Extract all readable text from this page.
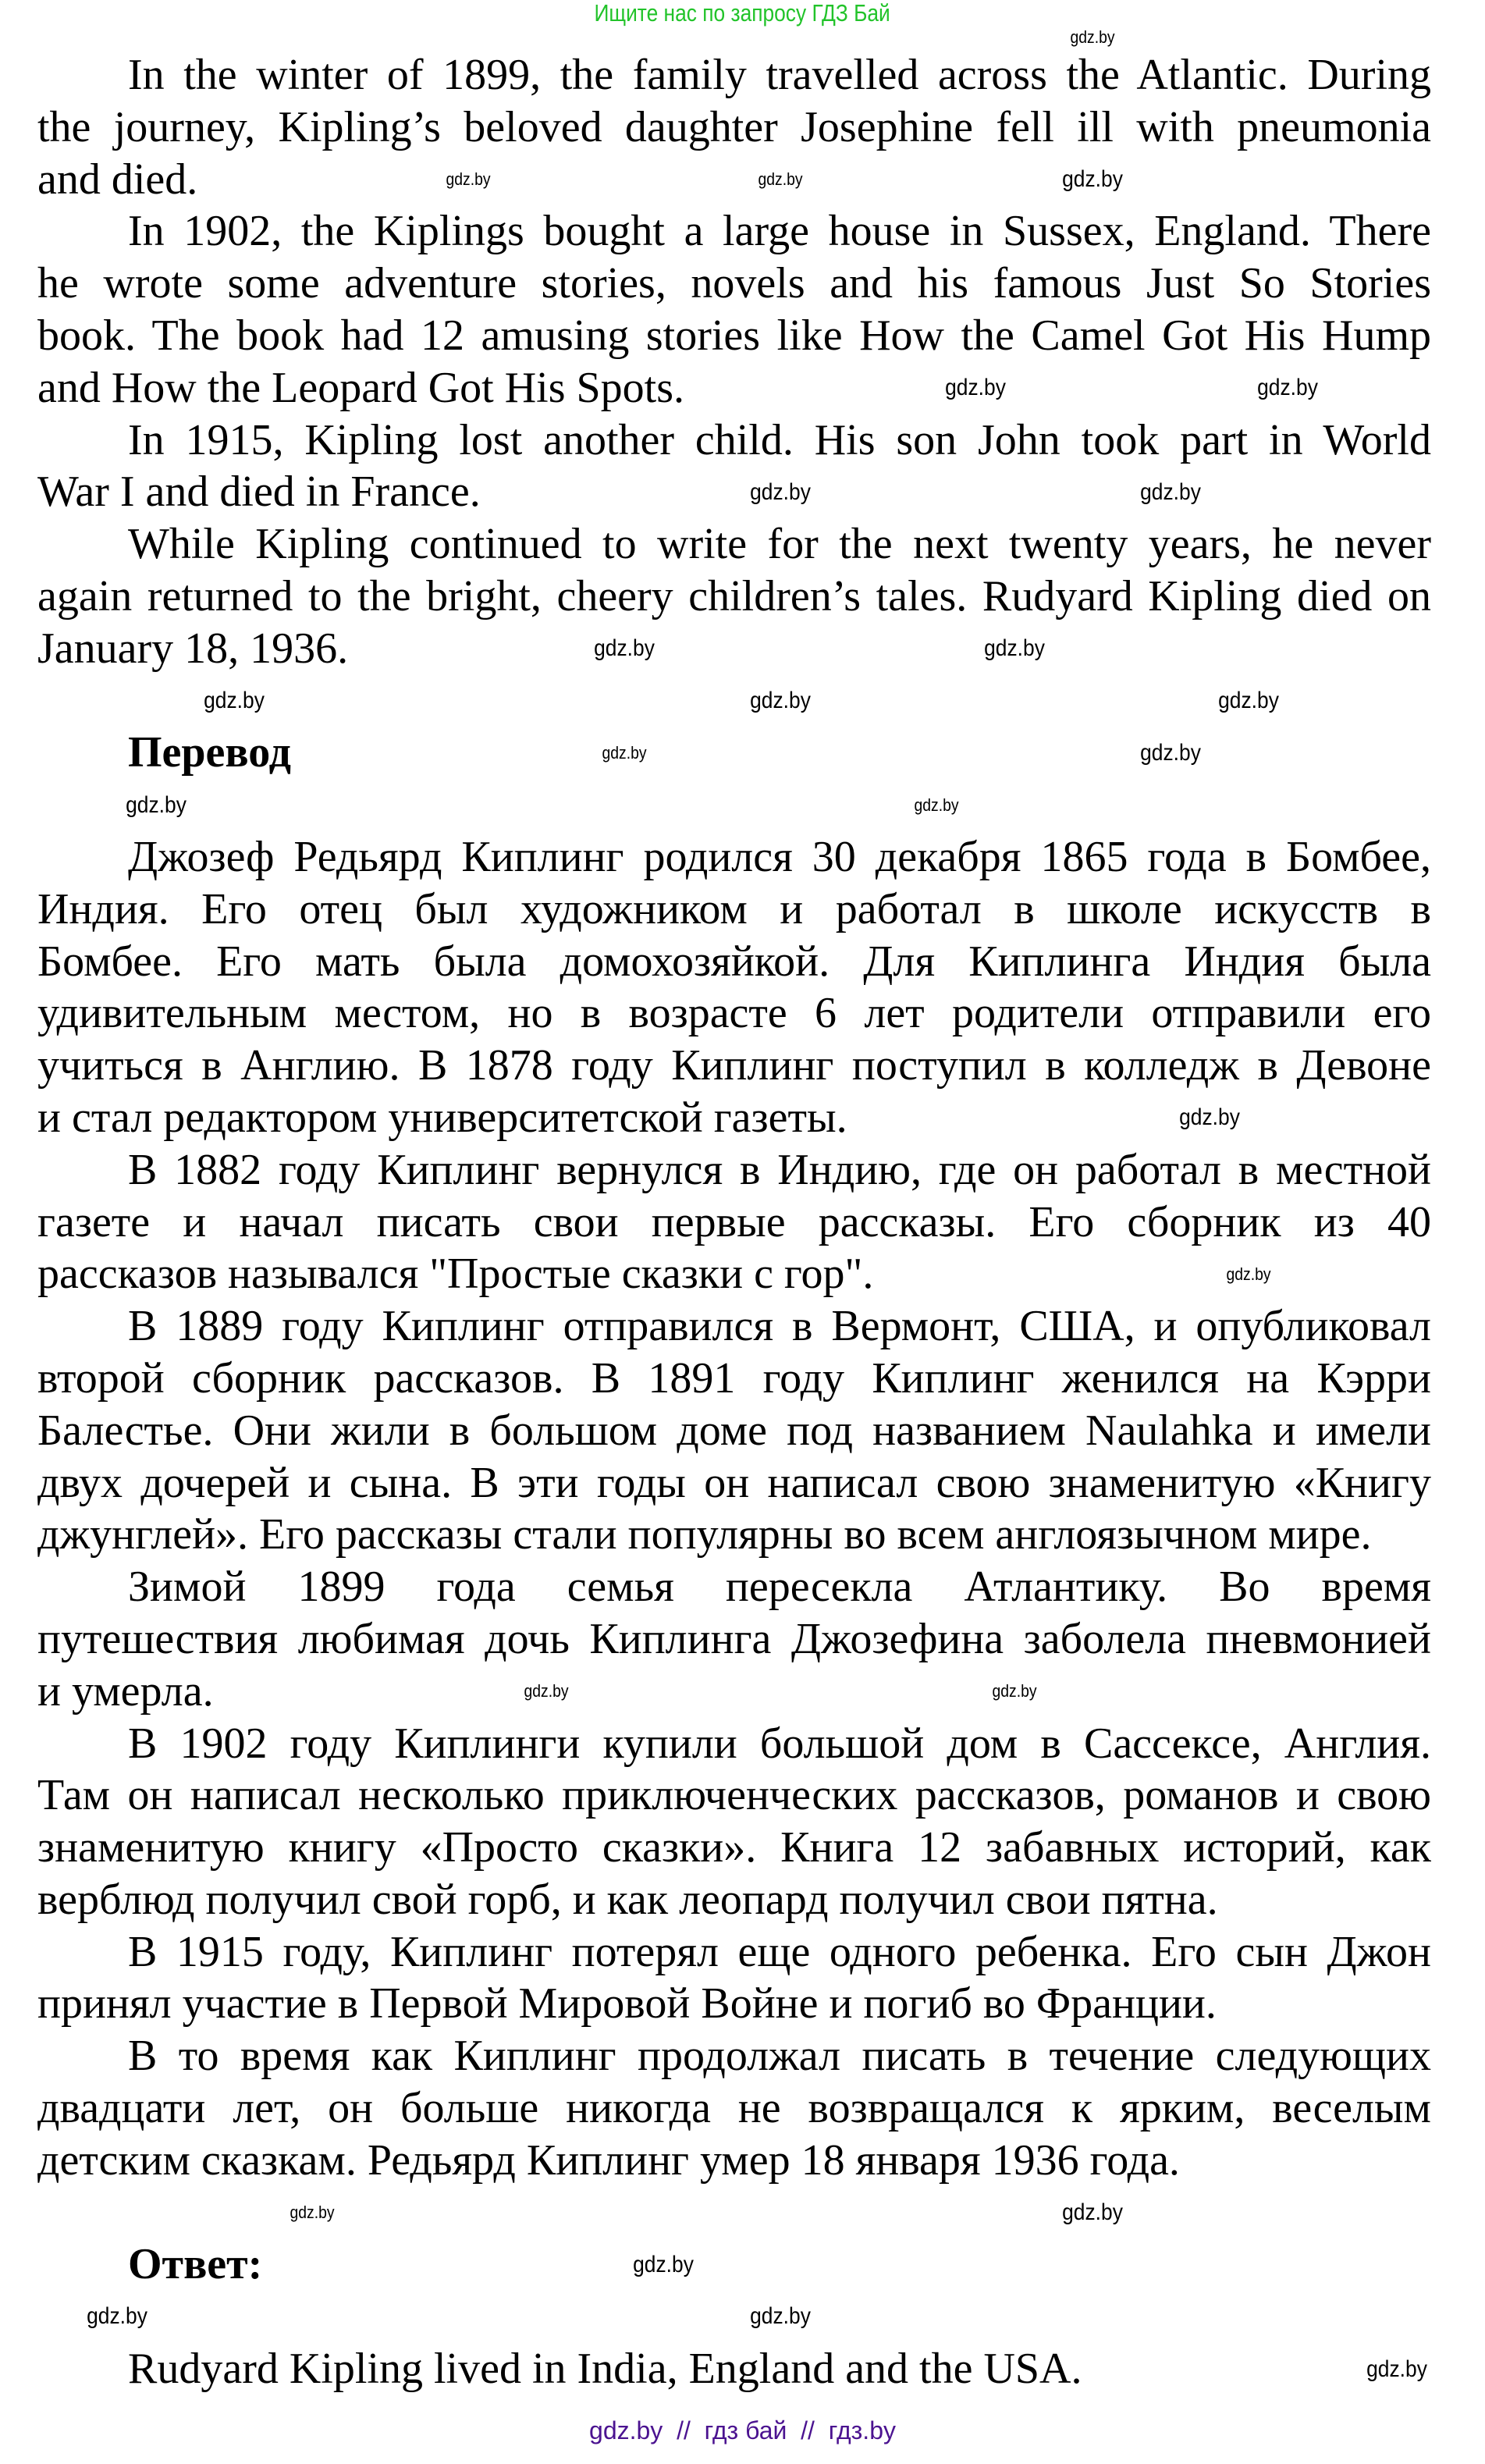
Ищите нас по запросу ГДЗ Бай
In the winter of 1899, the family travelled across the Atlantic. During
the journey, Kipling’s beloved daughter Josephine fell ill with pneumonia
and died.
In 1902, the Kiplings bought a large house in Sussex, England. There
he wrote some adventure stories, novels and his famous Just So Stories
book. The book had 12 amusing stories like How the Camel Got His Hump
and How the Leopard Got His Spots.
In 1915, Kipling lost another child. His son John took part in World
War I and died in France.
While Kipling continued to write for the next twenty years, he never
again returned to the bright, cheery children’s tales. Rudyard Kipling died on
January 18, 1936.
Перевод
Джозеф Редьярд Киплинг родился 30 декабря 1865 года в Бомбее,
Индия. Его отец был художником и работал в школе искусств в
Бомбее. Его мать была домохозяйкой. Для Киплинга Индия была
удивительным местом, но в возрасте 6 лет родители отправили его
учиться в Англию. В 1878 году Киплинг поступил в колледж в Девоне
и стал редактором университетской газеты.
В 1882 году Киплинг вернулся в Индию, где он работал в местной
газете и начал писать свои первые рассказы. Его сборник из 40
рассказов назывался "Простые сказки с гор".
В 1889 году Киплинг отправился в Вермонт, США, и опубликовал
второй сборник рассказов. В 1891 году Киплинг женился на Кэрри
Балестье. Они жили в большом доме под названием Naulahka и имели
двух дочерей и сына. В эти годы он написал свою знаменитую «Книгу
джунглей». Его рассказы стали популярны во всем англоязычном мире.
Зимой 1899 года семья пересекла Атлантику. Во время
путешествия любимая дочь Киплинга Джозефина заболела пневмонией
и умерла.
В 1902 году Киплинги купили большой дом в Сассексе, Англия.
Там он написал несколько приключенческих рассказов, романов и свою
знаменитую книгу «Просто сказки». Книга 12 забавных историй, как
верблюд получил свой горб, и как леопард получил свои пятна.
В 1915 году, Киплинг потерял еще одного ребенка. Его сын Джон
принял участие в Первой Мировой Войне и погиб во Франции.
В то время как Киплинг продолжал писать в течение следующих
двадцати лет, он больше никогда не возвращался к ярким, веселым
детским сказкам. Редьярд Киплинг умер 18 января 1936 года.
Ответ:
Rudyard Kipling lived in India, England and the USA.
gdz.by
gdz.by	gdz.by	gdz.by
gdz.by	gdz.by
gdz.by	gdz.by
gdz.by	gdz.by
gdz.by	gdz.by	gdz.by
gdz.by	gdz.by
gdz.by	gdz.by
gdz.by
gdz.by
gdz.by	gdz.by
gdz.by	gdz.by
gdz.by
gdz.by	gdz.by
gdz.by
gdz.by  //  гдз бай  //  гдз.by
